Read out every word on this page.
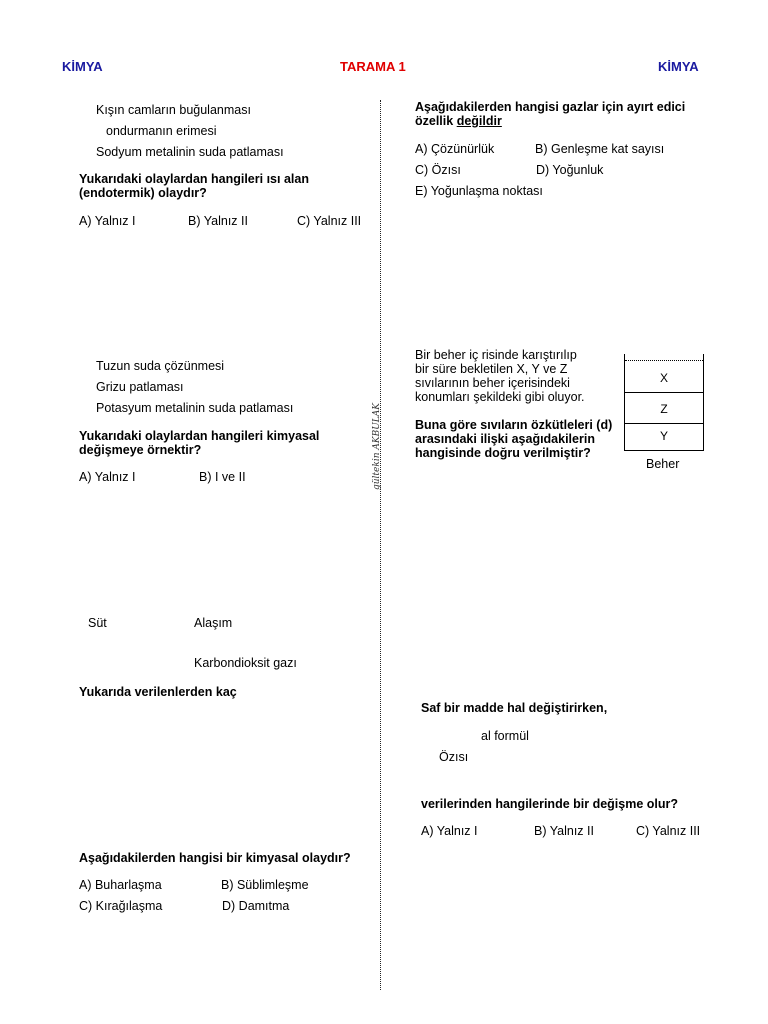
KİMYA	TARAMA 1	KİMYA
gültekin AKBULAK
Kışın camların buğulanması
ondurmanın erimesi
Sodyum metalinin suda patlaması
Yukarıdaki olaylardan hangileri ısı alan
(endotermik) olaydır?
A) Yalnız I	B) Yalnız II	C) Yalnız III
Tuzun suda çözünmesi
Grizu patlaması
Potasyum metalinin suda patlaması
Yukarıdaki olaylardan hangileri kimyasal
değişmeye örnektir?
A) Yalnız I	B) I ve II
Süt	Alaşım
Karbondioksit gazı
Yukarıda verilenlerden kaç
Aşağıdakilerden hangisi bir kimyasal olaydır?
A) Buharlaşma	B) Süblimleşme
C) Kırağılaşma	D) Damıtma
Aşağıdakilerden hangisi gazlar için ayırt edici
özellik değildir
A) Çözünürlük	B) Genleşme kat sayısı
C) Özısı	D) Yoğunluk
E) Yoğunlaşma noktası
Bir beher iç risinde karıştırılıp
bir süre bekletilen X, Y ve Z
sıvılarının beher içerisindeki
konumları şekildeki gibi oluyor.
Buna göre sıvıların özkütleleri (d)
arasındaki ilişki aşağıdakilerin
hangisinde doğru verilmiştir?
X
Z
Y
Beher
Saf bir madde hal değiştirirken,
al formül
Özısı
verilerinden hangilerinde bir değişme olur?
A) Yalnız I	B) Yalnız II	C) Yalnız III
